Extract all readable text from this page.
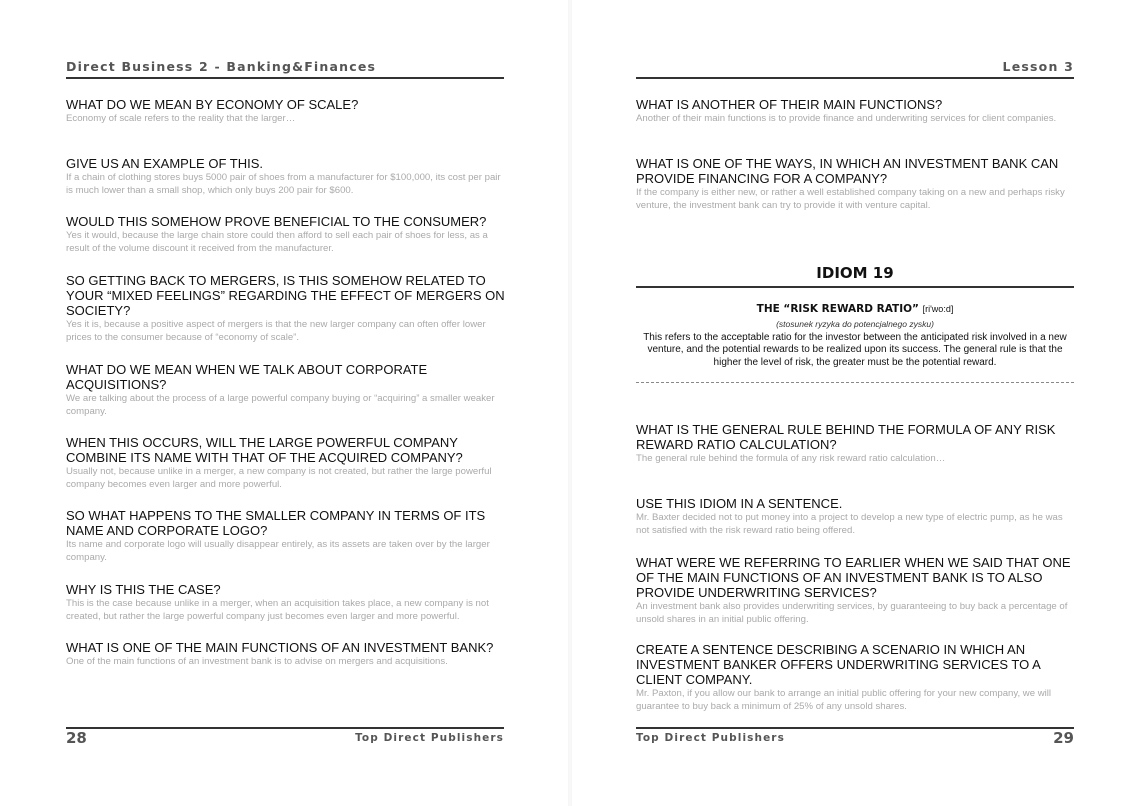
Direct Business 2 - Banking&Finances

WHAT DO WE MEAN BY ECONOMY OF SCALE?

Economy of scale refers to the reality that the larger…

GIVE US AN EXAMPLE OF THIS.

If a chain of clothing stores buys 5000 pair of shoes from a manufacturer for $100,000, its cost per pair is much lower than a small shop, which only buys 200 pair for $600.

WOULD THIS SOMEHOW PROVE BENEFICIAL TO THE CONSUMER?

Yes it would, because the large chain store could then afford to sell each pair of shoes for less, as a result of the volume discount it received from the manufacturer.

SO GETTING BACK TO MERGERS, IS THIS SOMEHOW RELATED TO YOUR “MIXED FEELINGS” REGARDING THE EFFECT OF MERGERS ON SOCIETY?

Yes it is, because a positive aspect of mergers is that the new larger company can often offer lower prices to the consumer because of “economy of scale”.

WHAT DO WE MEAN WHEN WE TALK ABOUT CORPORATE ACQUISITIONS?

We are talking about the process of a large powerful company buying or “acquiring” a smaller weaker company.

WHEN THIS OCCURS, WILL THE LARGE POWERFUL COMPANY COMBINE ITS NAME WITH THAT OF THE ACQUIRED COMPANY?

Usually not, because unlike in a merger, a new company is not created, but rather the large powerful company becomes even larger and more powerful.

SO WHAT HAPPENS TO THE SMALLER COMPANY IN TERMS OF ITS NAME AND CORPORATE LOGO?

Its name and corporate logo will usually disappear entirely, as its assets are taken over by the larger company.

WHY IS THIS THE CASE?

This is the case because unlike in a merger, when an acquisition takes place, a new company is not created, but rather the large powerful company just becomes even larger and more powerful.

WHAT IS ONE OF THE MAIN FUNCTIONS OF AN INVESTMENT BANK?

One of the main functions of an investment bank is to advise on mergers and acquisitions.

28	Top Direct Publishers
Lesson 3

WHAT IS ANOTHER OF THEIR MAIN FUNCTIONS?

Another of their main functions is to provide finance and underwriting services for client companies.

WHAT IS ONE OF THE WAYS, IN WHICH AN INVESTMENT BANK CAN PROVIDE FINANCING FOR A COMPANY?

If the company is either new, or rather a well established company taking on a new and perhaps risky venture, the investment bank can try to provide it with venture capital.

IDIOM 19
THE “RISK REWARD RATIO” [ri'wo:d]
(stosunek ryzyka do potencjalnego zysku)
This refers to the acceptable ratio for the investor between the anticipated risk involved in a new venture, and the potential rewards to be realized upon its success. The general rule is that the higher the level of risk, the greater must be the potential reward.

WHAT IS THE GENERAL RULE BEHIND THE FORMULA OF ANY RISK REWARD RATIO CALCULATION?

The general rule behind the formula of any risk reward ratio calculation…

USE THIS IDIOM IN A SENTENCE.

Mr. Baxter decided not to put money into a project to develop a new type of electric pump, as he was not satisfied with the risk reward ratio being offered.

WHAT WERE WE REFERRING TO EARLIER WHEN WE SAID THAT ONE OF THE MAIN FUNCTIONS OF AN INVESTMENT BANK IS TO ALSO PROVIDE UNDERWRITING SERVICES?

An investment bank also provides underwriting services, by guaranteeing to buy back a percentage of unsold shares in an initial public offering.

CREATE A SENTENCE DESCRIBING A SCENARIO IN WHICH AN INVESTMENT BANKER OFFERS UNDERWRITING SERVICES TO A CLIENT COMPANY.

Mr. Paxton, if you allow our bank to arrange an initial public offering for your new company, we will guarantee to buy back a minimum of 25% of any unsold shares.

Top Direct Publishers	29
